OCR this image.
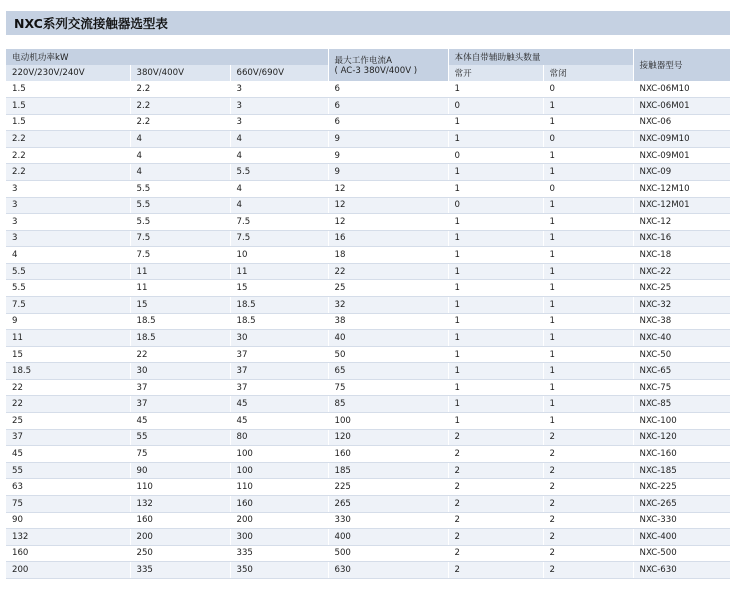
NXC系列交流接触器选型表
电动机功率kW			最大工作电流A
( AC-3 380V/400V )	本体自带辅助触头数量		接触器型号
220V/230V/240V	380V/400V	660V/690V		常开	常闭	
1.5	2.2	3	6	1	0	NXC-06M10
1.5	2.2	3	6	0	1	NXC-06M01
1.5	2.2	3	6	1	1	NXC-06
2.2	4	4	9	1	0	NXC-09M10
2.2	4	4	9	0	1	NXC-09M01
2.2	4	5.5	9	1	1	NXC-09
3	5.5	4	12	1	0	NXC-12M10
3	5.5	4	12	0	1	NXC-12M01
3	5.5	7.5	12	1	1	NXC-12
3	7.5	7.5	16	1	1	NXC-16
4	7.5	10	18	1	1	NXC-18
5.5	11	11	22	1	1	NXC-22
5.5	11	15	25	1	1	NXC-25
7.5	15	18.5	32	1	1	NXC-32
9	18.5	18.5	38	1	1	NXC-38
11	18.5	30	40	1	1	NXC-40
15	22	37	50	1	1	NXC-50
18.5	30	37	65	1	1	NXC-65
22	37	37	75	1	1	NXC-75
22	37	45	85	1	1	NXC-85
25	45	45	100	1	1	NXC-100
37	55	80	120	2	2	NXC-120
45	75	100	160	2	2	NXC-160
55	90	100	185	2	2	NXC-185
63	110	110	225	2	2	NXC-225
75	132	160	265	2	2	NXC-265
90	160	200	330	2	2	NXC-330
132	200	300	400	2	2	NXC-400
160	250	335	500	2	2	NXC-500
200	335	350	630	2	2	NXC-630
